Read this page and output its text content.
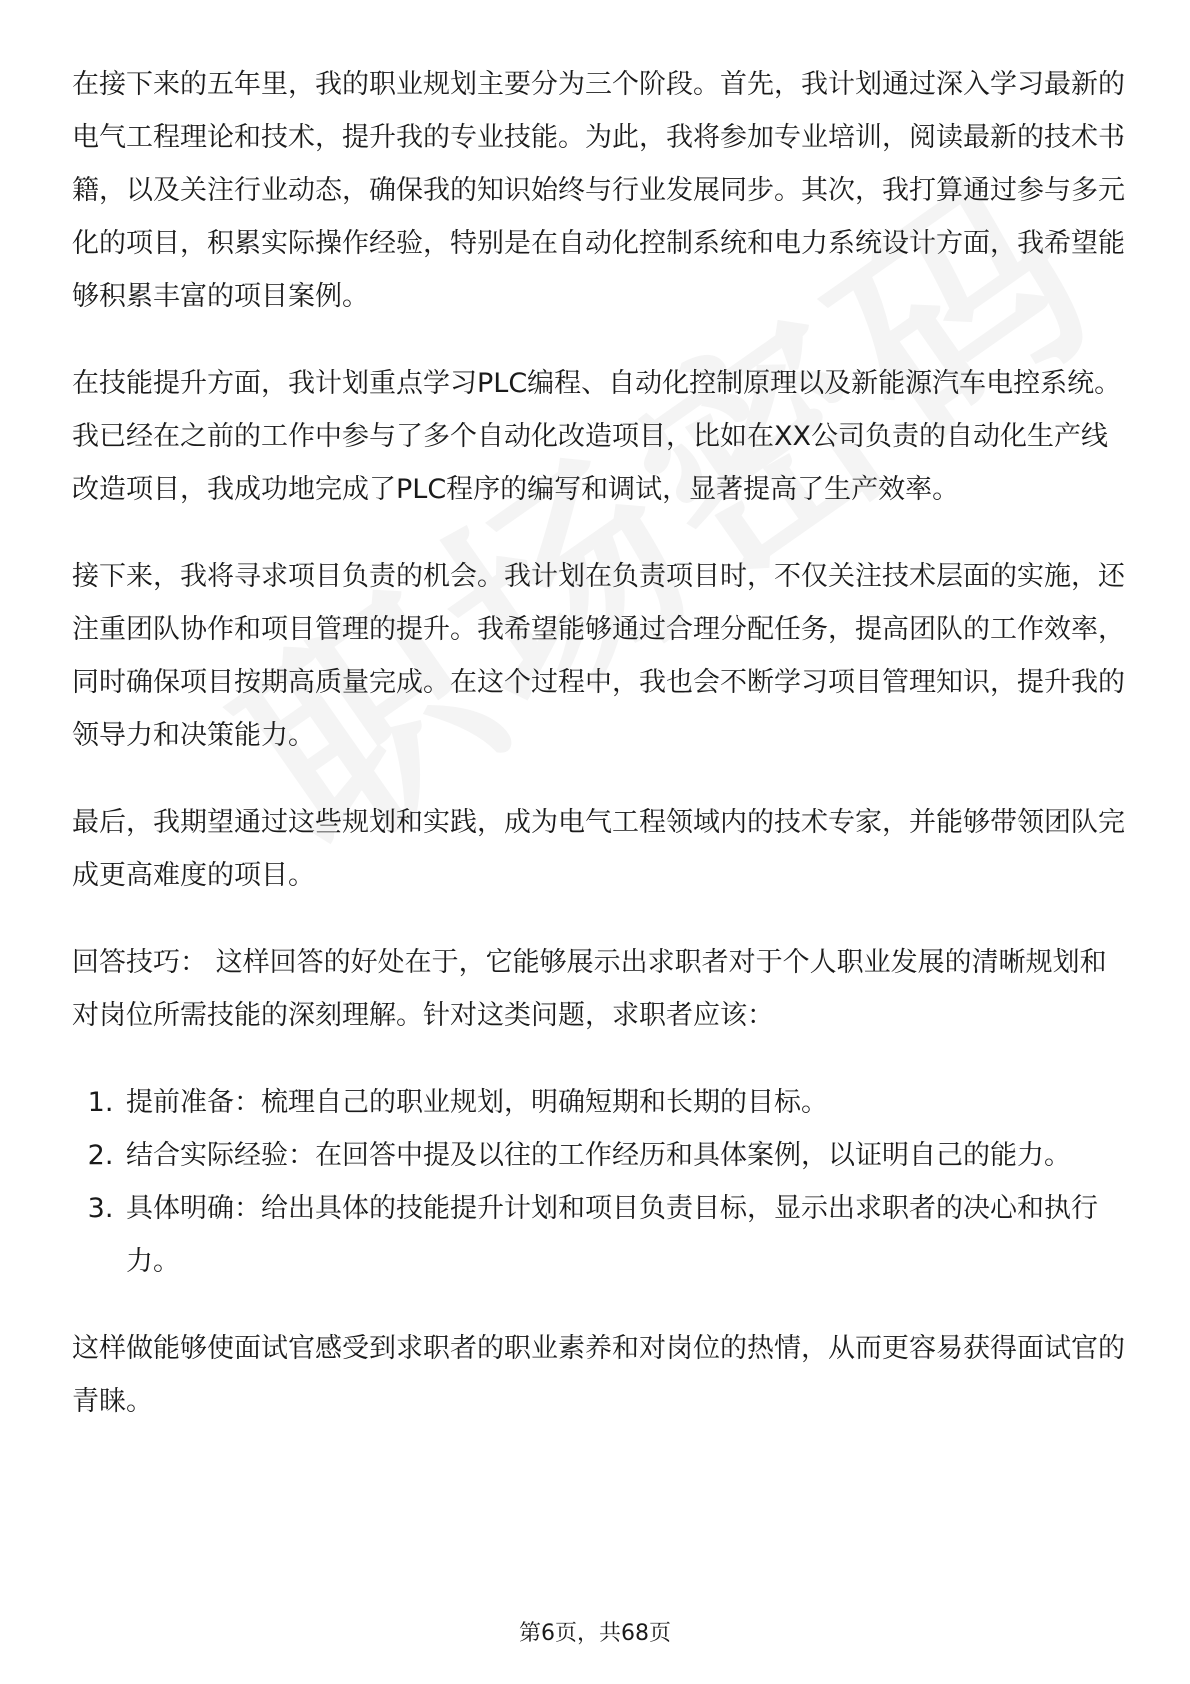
在接下来的五年里，我的职业规划主要分为三个阶段。首先，我计划通过深入学习最新的电气工程理论和技术，提升我的专业技能。为此，我将参加专业培训，阅读最新的技术书籍，以及关注行业动态，确保我的知识始终与行业发展同步。其次，我打算通过参与多元化的项目，积累实际操作经验，特别是在自动化控制系统和电力系统设计方面，我希望能够积累丰富的项目案例。

在技能提升方面，我计划重点学习PLC编程、自动化控制原理以及新能源汽车电控系统。我已经在之前的工作中参与了多个自动化改造项目，比如在XX公司负责的自动化生产线改造项目，我成功地完成了PLC程序的编写和调试，显著提高了生产效率。

接下来，我将寻求项目负责的机会。我计划在负责项目时，不仅关注技术层面的实施，还注重团队协作和项目管理的提升。我希望能够通过合理分配任务，提高团队的工作效率，同时确保项目按期高质量完成。在这个过程中，我也会不断学习项目管理知识，提升我的领导力和决策能力。

最后，我期望通过这些规划和实践，成为电气工程领域内的技术专家，并能够带领团队完成更高难度的项目。

回答技巧： 这样回答的好处在于，它能够展示出求职者对于个人职业发展的清晰规划和对岗位所需技能的深刻理解。针对这类问题，求职者应该：

1. 提前准备：梳理自己的职业规划，明确短期和长期的目标。
2. 结合实际经验：在回答中提及以往的工作经历和具体案例，以证明自己的能力。
3. 具体明确：给出具体的技能提升计划和项目负责目标，显示出求职者的决心和执行力。

这样做能够使面试官感受到求职者的职业素养和对岗位的热情，从而更容易获得面试官的青睐。

第6页，共68页
